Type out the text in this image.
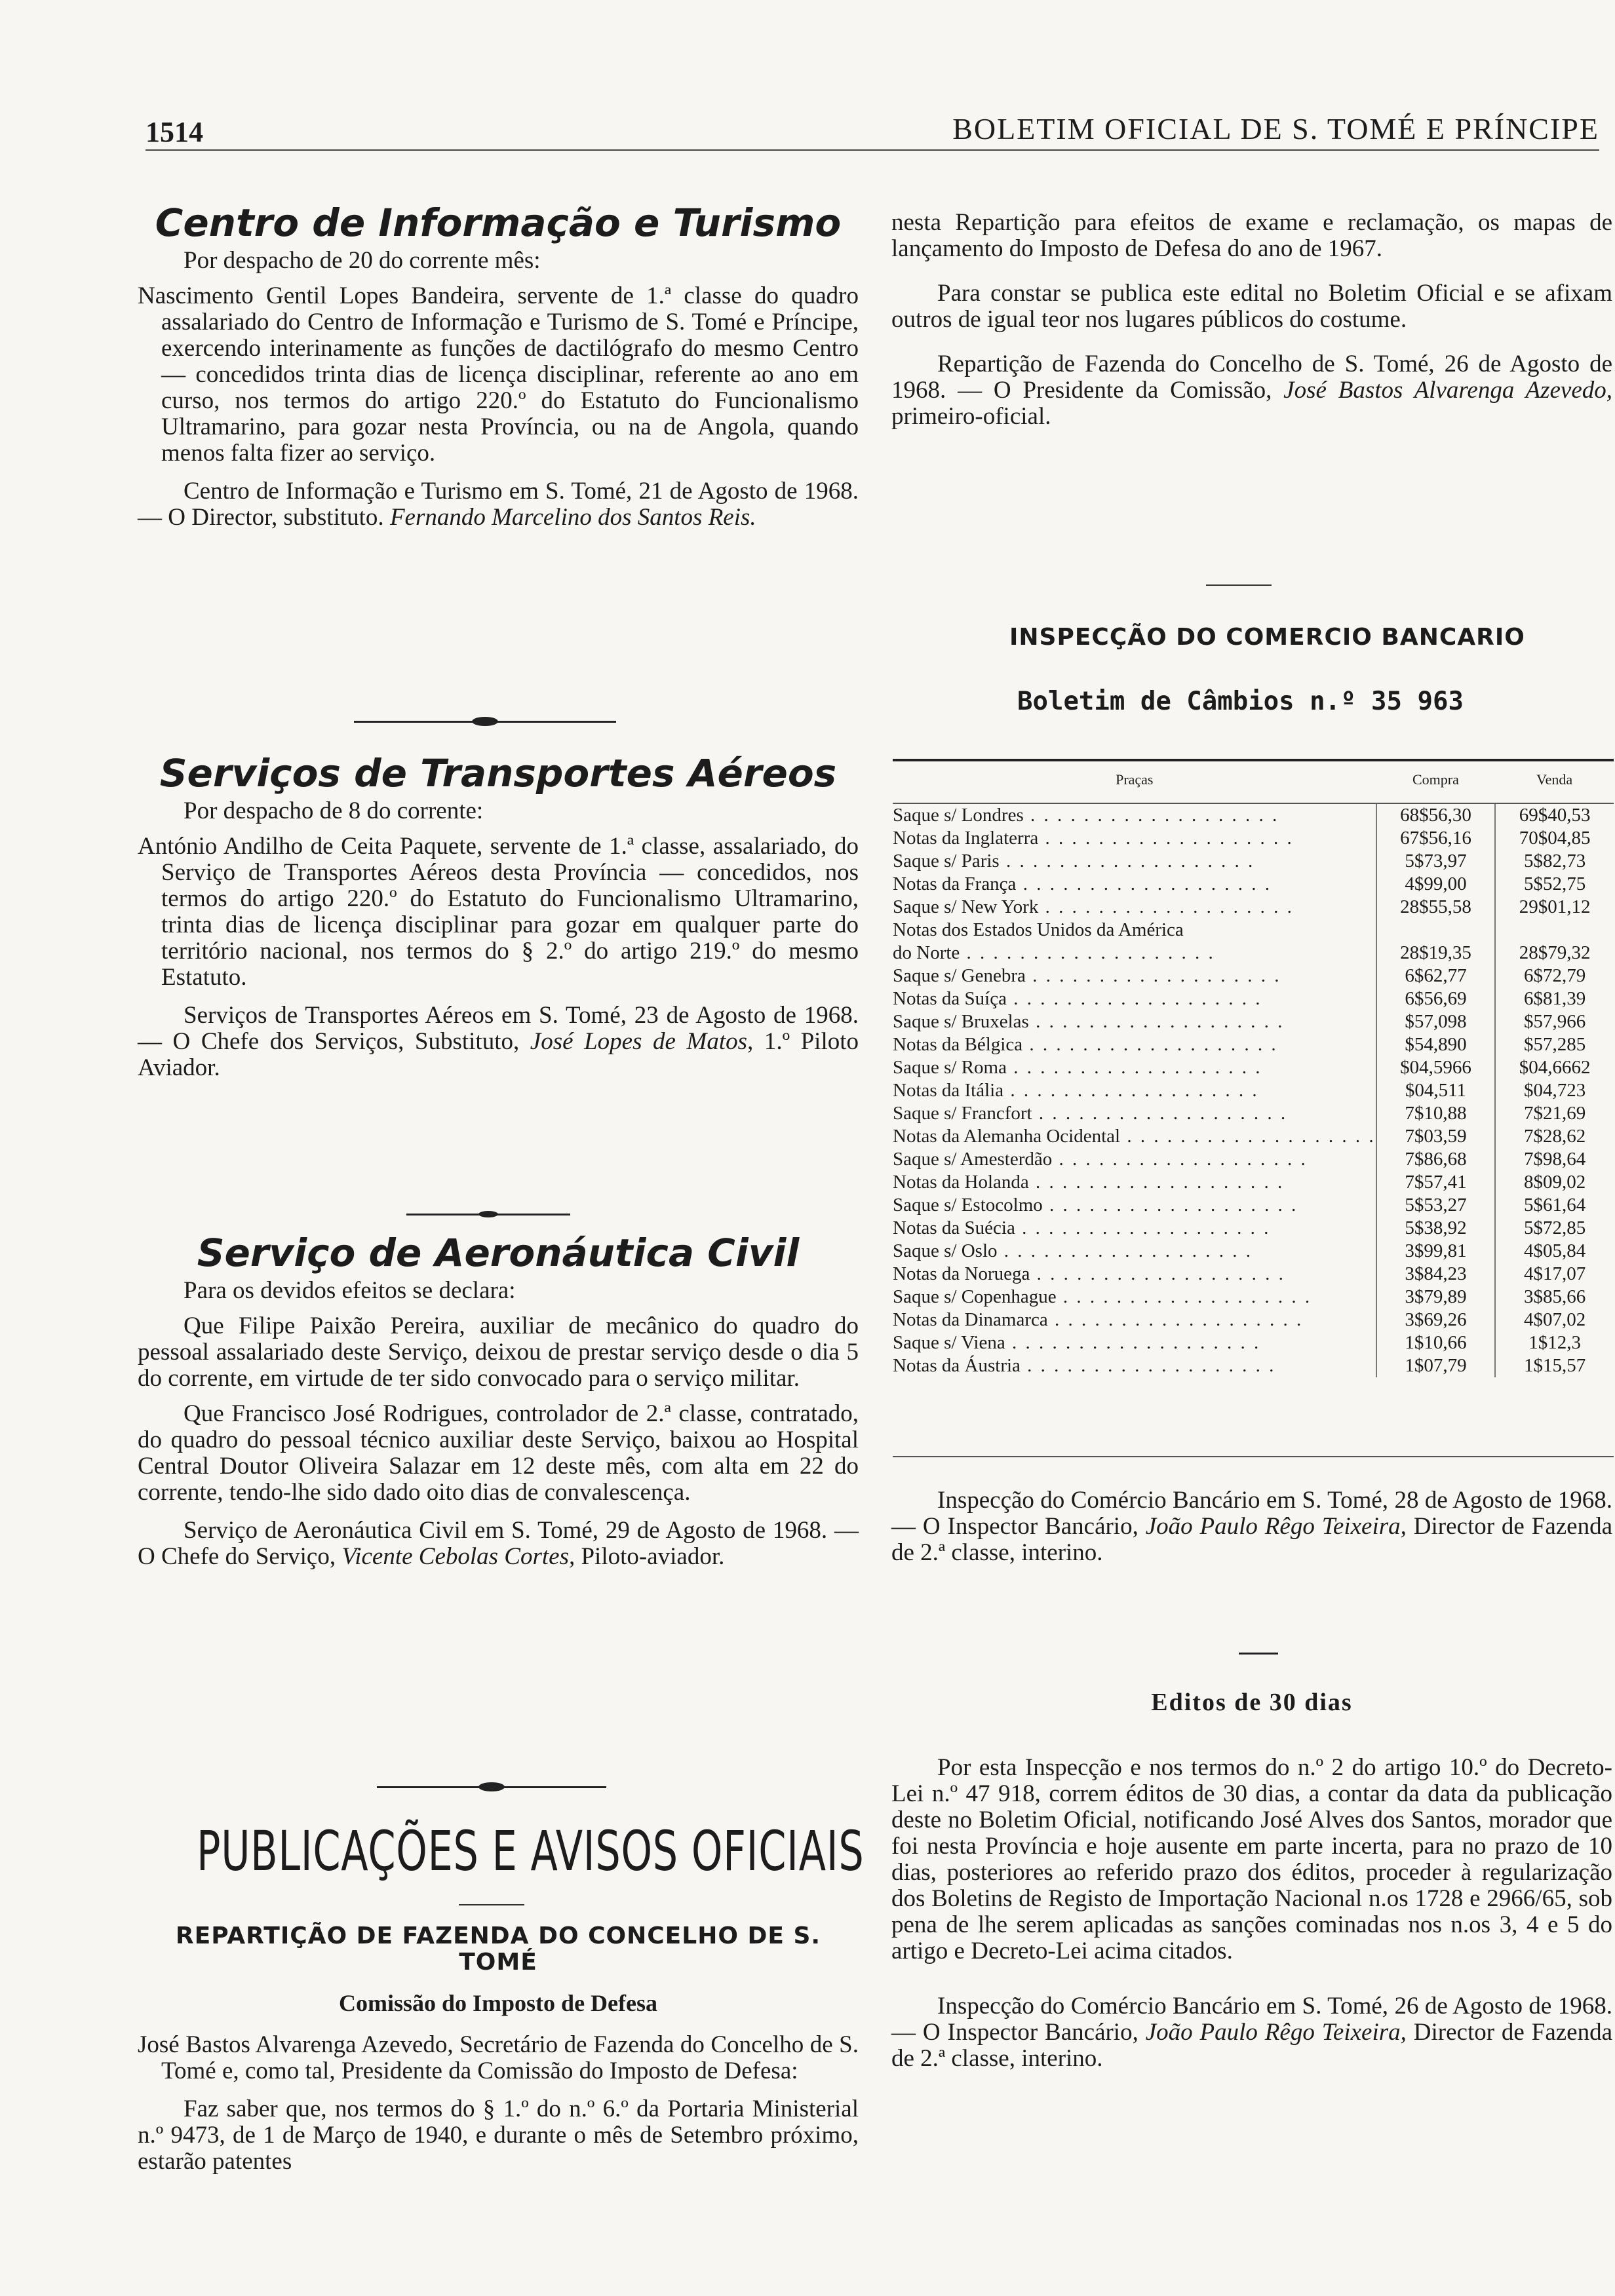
1514	BOLETIM OFICIAL DE S. TOMÉ E PRÍNCIPE
Centro de Informação e Turismo
Por despacho de 20 do corrente mês:
Nascimento Gentil Lopes Bandeira, servente de 1.ª classe do quadro assalariado do Centro de Informação e Turismo de S. Tomé e Príncipe, exercendo interinamente as funções de dactilógrafo do mesmo Centro — concedidos trinta dias de licença disciplinar, referente ao ano em curso, nos termos do artigo 220.º do Estatuto do Funcionalismo Ultramarino, para gozar nesta Província, ou na de Angola, quando menos falta fizer ao serviço.
Centro de Informação e Turismo em S. Tomé, 21 de Agosto de 1968. — O Director, substituto. Fernando Marcelino dos Santos Reis.
Serviços de Transportes Aéreos
Por despacho de 8 do corrente:
António Andilho de Ceita Paquete, servente de 1.ª classe, assalariado, do Serviço de Transportes Aéreos desta Província — concedidos, nos termos do artigo 220.º do Estatuto do Funcionalismo Ultramarino, trinta dias de licença disciplinar para gozar em qualquer parte do território nacional, nos termos do § 2.º do artigo 219.º do mesmo Estatuto.
Serviços de Transportes Aéreos em S. Tomé, 23 de Agosto de 1968. — O Chefe dos Serviços, Substituto, José Lopes de Matos, 1.º Piloto Aviador.
Serviço de Aeronáutica Civil
Para os devidos efeitos se declara:
Que Filipe Paixão Pereira, auxiliar de mecânico do quadro do pessoal assalariado deste Serviço, deixou de prestar serviço desde o dia 5 do corrente, em virtude de ter sido convocado para o serviço militar.
Que Francisco José Rodrigues, controlador de 2.ª classe, contratado, do quadro do pessoal técnico auxiliar deste Serviço, baixou ao Hospital Central Doutor Oliveira Salazar em 12 deste mês, com alta em 22 do corrente, tendo-lhe sido dado oito dias de convalescença.
Serviço de Aeronáutica Civil em S. Tomé, 29 de Agosto de 1968. — O Chefe do Serviço, Vicente Cebolas Cortes, Piloto-aviador.
PUBLICAÇÕES E AVISOS OFICIAIS
REPARTIÇÃO DE FAZENDA DO CONCELHO DE S. TOMÉ
Comissão do Imposto de Defesa
José Bastos Alvarenga Azevedo, Secretário de Fazenda do Concelho de S. Tomé e, como tal, Presidente da Comissão do Imposto de Defesa:
Faz saber que, nos termos do § 1.º do n.º 6.º da Portaria Ministerial n.º 9473, de 1 de Março de 1940, e durante o mês de Setembro próximo, estarão patentes
nesta Repartição para efeitos de exame e reclamação, os mapas de lançamento do Imposto de Defesa do ano de 1967.
Para constar se publica este edital no Boletim Oficial e se afixam outros de igual teor nos lugares públicos do costume.
Repartição de Fazenda do Concelho de S. Tomé, 26 de Agosto de 1968. — O Presidente da Comissão, José Bastos Alvarenga Azevedo, primeiro-oficial.
INSPECÇÃO DO COMERCIO BANCARIO
Boletim de Câmbios n.º 35 963
Praças	Compra	Venda
Saque s/ Londres . . .	68$56,30	69$40,53
Notas da Inglaterra . . .	67$56,16	70$04,85
Saque s/ Paris . . .	5$73,97	5$82,73
Notas da França . . .	4$99,00	5$52,75
Saque s/ New York . . .	28$55,58	29$01,12
Notas dos Estados Unidos da América		
do Norte . . .	28$19,35	28$79,32
Saque s/ Genebra . . .	6$62,77	6$72,79
Notas da Suíça . . .	6$56,69	6$81,39
Saque s/ Bruxelas . . .	$57,098	$57,966
Notas da Bélgica . . .	$54,890	$57,285
Saque s/ Roma . . .	$04,5966	$04,6662
Notas da Itália . . .	$04,511	$04,723
Saque s/ Francfort . . .	7$10,88	7$21,69
Notas da Alemanha Ocidental . . .	7$03,59	7$28,62
Saque s/ Amesterdão . . .	7$86,68	7$98,64
Notas da Holanda . . .	7$57,41	8$09,02
Saque s/ Estocolmo . . .	5$53,27	5$61,64
Notas da Suécia . . .	5$38,92	5$72,85
Saque s/ Oslo . . .	3$99,81	4$05,84
Notas da Noruega . . .	3$84,23	4$17,07
Saque s/ Copenhague . . .	3$79,89	3$85,66
Notas da Dinamarca . . .	3$69,26	4$07,02
Saque s/ Viena . . .	1$10,66	1$12,3
Notas da Áustria . . .	1$07,79	1$15,57
Inspecção do Comércio Bancário em S. Tomé, 28 de Agosto de 1968. — O Inspector Bancário, João Paulo Rêgo Teixeira, Director de Fazenda de 2.ª classe, interino.
Editos de 30 dias
Por esta Inspecção e nos termos do n.º 2 do artigo 10.º do Decreto-Lei n.º 47 918, correm éditos de 30 dias, a contar da data da publicação deste no Boletim Oficial, notificando José Alves dos Santos, morador que foi nesta Província e hoje ausente em parte incerta, para no prazo de 10 dias, posteriores ao referido prazo dos éditos, proceder à regularização dos Boletins de Registo de Importação Nacional n.os 1728 e 2966/65, sob pena de lhe serem aplicadas as sanções cominadas nos n.os 3, 4 e 5 do artigo e Decreto-Lei acima citados.
Inspecção do Comércio Bancário em S. Tomé, 26 de Agosto de 1968. — O Inspector Bancário, João Paulo Rêgo Teixeira, Director de Fazenda de 2.ª classe, interino.
